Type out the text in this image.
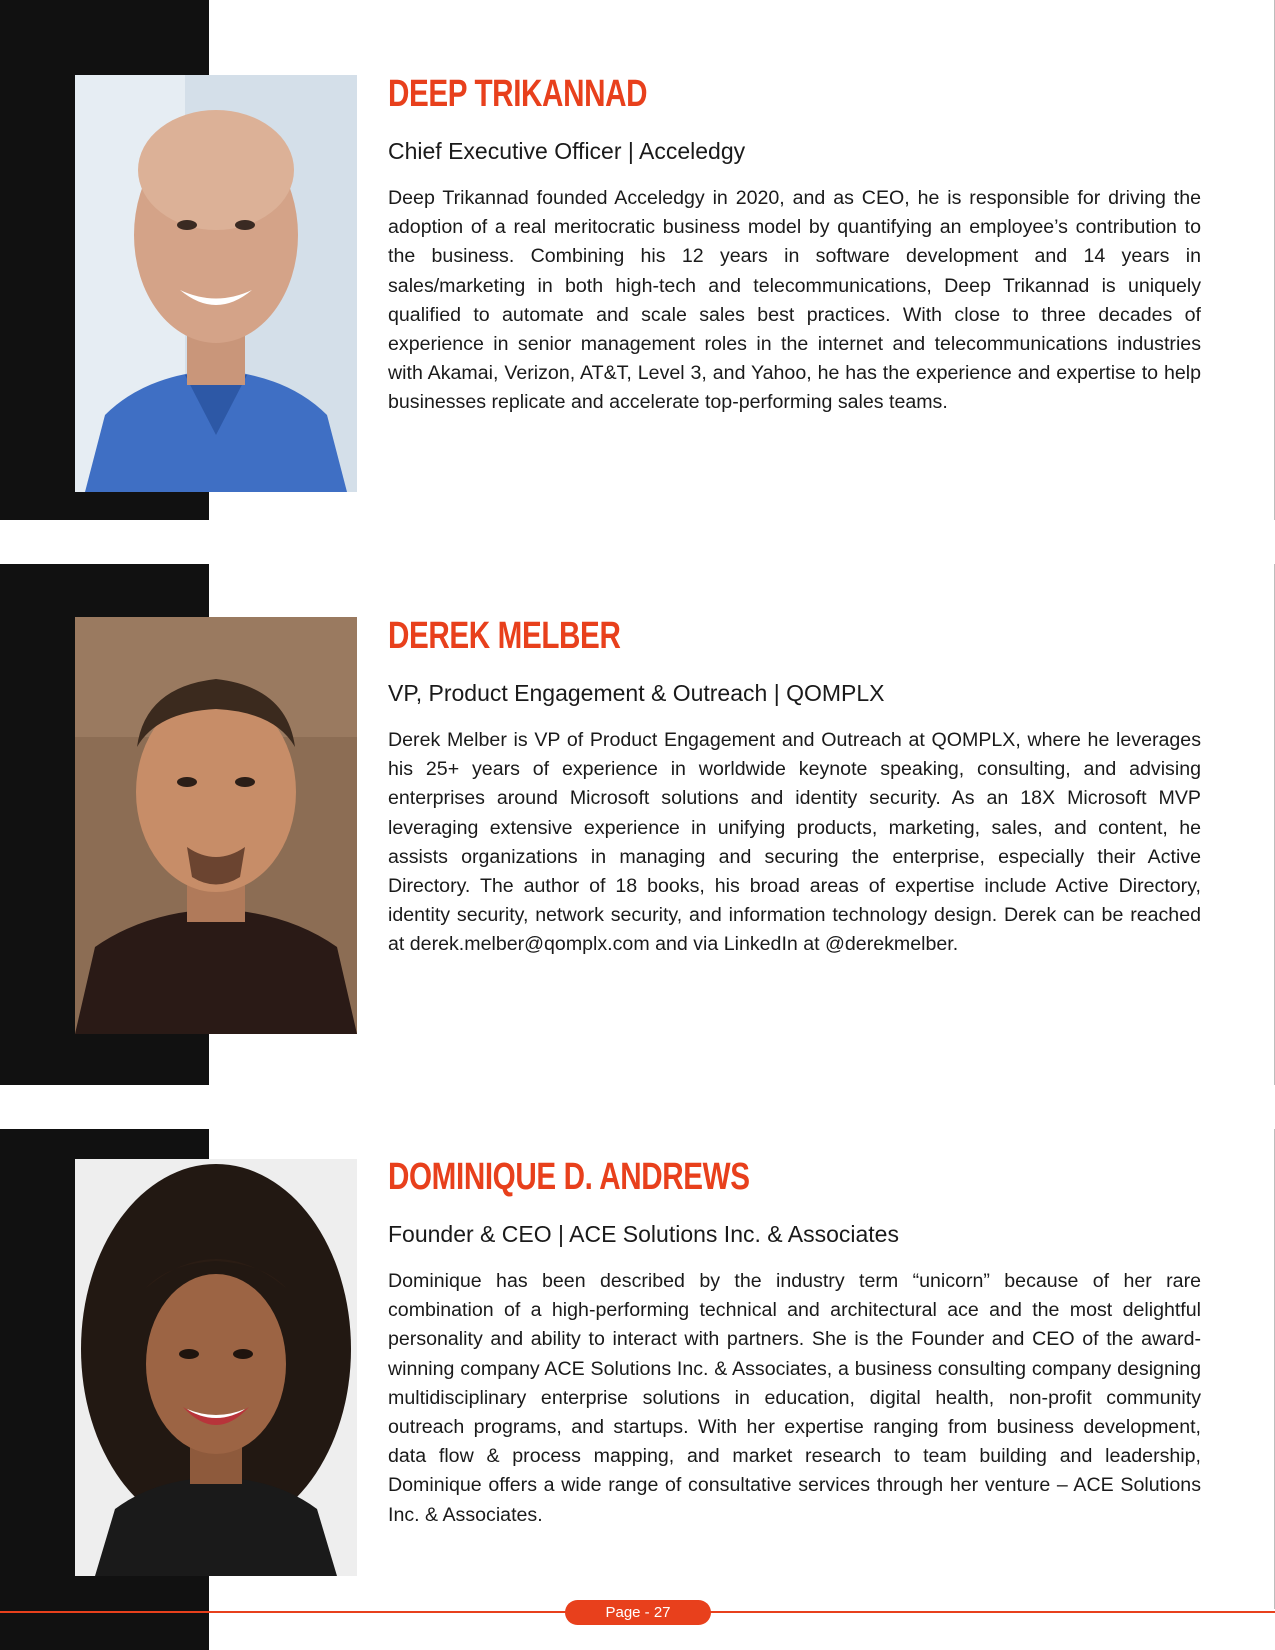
DEEP TRIKANNAD
Chief Executive Officer | Acceledgy

Deep Trikannad founded Acceledgy in 2020, and as CEO, he is responsible for driving the adoption of a real meritocratic business model by quantifying an employee’s contribution to the business. Combining his 12 years in software development and 14 years in sales/marketing in both high-tech and telecommunications, Deep Trikannad is uniquely qualified to automate and scale sales best practices. With close to three decades of experience in senior management roles in the internet and telecommunications industries with Akamai, Verizon, AT&T, Level 3, and Yahoo, he has the experience and expertise to help businesses replicate and accelerate top-performing sales teams.

DEREK MELBER
VP, Product Engagement & Outreach | QOMPLX

Derek Melber is VP of Product Engagement and Outreach at QOMPLX, where he leverages his 25+ years of experience in worldwide keynote speaking, consulting, and advising enterprises around Microsoft solutions and identity security. As an 18X Microsoft MVP leveraging extensive experience in unifying products, marketing, sales, and content, he assists organizations in managing and securing the enterprise, especially their Active Directory. The author of 18 books, his broad areas of expertise include Active Directory, identity security, network security, and information technology design. Derek can be reached at derek.melber@qomplx.com and via LinkedIn at @derekmelber.

DOMINIQUE D. ANDREWS
Founder & CEO | ACE Solutions Inc. & Associates

Dominique has been described by the industry term “unicorn” because of her rare combination of a high-performing technical and architectural ace and the most delightful personality and ability to interact with partners. She is the Founder and CEO of the award-winning company ACE Solutions Inc. & Associates, a business consulting company designing multidisciplinary enterprise solutions in education, digital health, non-profit community outreach programs, and startups. With her expertise ranging from business development, data flow & process mapping, and market research to team building and leadership, Dominique offers a wide range of consultative services through her venture – ACE Solutions Inc. & Associates.

Page - 27
